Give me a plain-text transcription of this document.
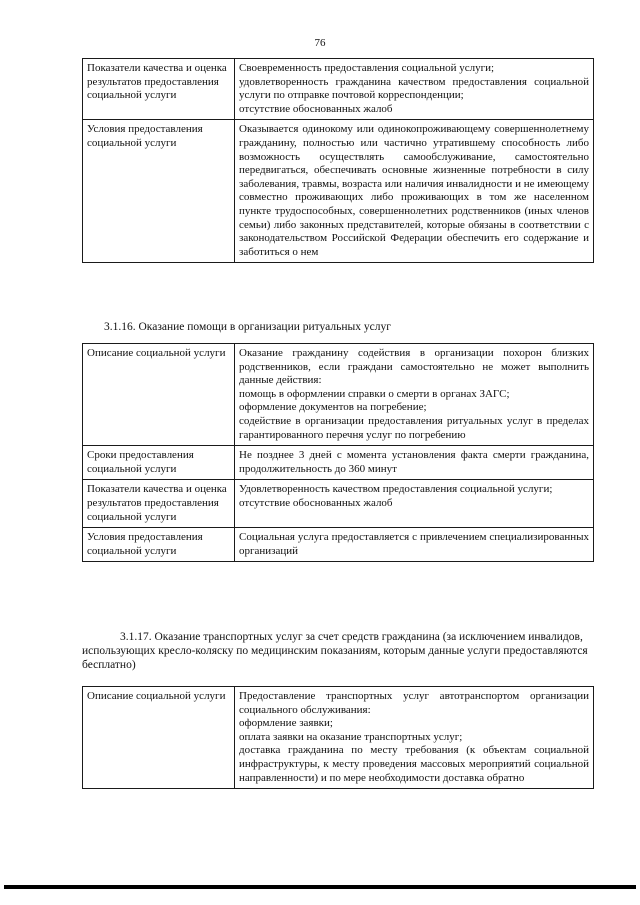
76
Показатели качества и оценка результатов предоставления социальной услуги	Своевременность предоставления социальной услуги;
удовлетворенность гражданина качеством предоставления социальной услуги по отправке почтовой корреспонденции;
отсутствие обоснованных жалоб

Условия предоставления социальной услуги	Оказывается одинокому или одинокопроживающему совершеннолетнему гражданину, полностью или частично утратившему способность либо возможность осуществлять самообслуживание, самостоятельно передвигаться, обеспечивать основные жизненные потребности в силу заболевания, травмы, возраста или наличия инвалидности и не имеющему совместно проживающих либо проживающих в том же населенном пункте трудоспособных, совершеннолетних родственников (иных членов семьи) либо законных представителей, которые обязаны в соответствии с законодательством Российской Федерации обеспечить его содержание и заботиться о нем
3.1.16. Оказание помощи в организации ритуальных услуг
Описание социальной услуги	Оказание гражданину содействия в организации похорон близких родственников, если граждани самостоятельно не может выполнить данные действия:
помощь в оформлении справки о смерти в органах ЗАГС;
оформление документов на погребение;
содействие в организации предоставления ритуальных услуг в пределах гарантированного перечня услуг по погребению

Сроки предоставления социальной услуги	Не позднее 3 дней с момента установления факта смерти гражданина, продолжительность до 360 минут

Показатели качества и оценка результатов предоставления социальной услуги	Удовлетворенность качеством предоставления социальной услуги;
отсутствие обоснованных жалоб

Условия предоставления социальной услуги	Социальная услуга предоставляется с привлечением специализированных организаций
3.1.17. Оказание транспортных услуг за счет средств гражданина (за исключением инвалидов, использующих кресло-коляску по медицинским показаниям, которым данные услуги предоставляются бесплатно)
Описание социальной услуги	Предоставление транспортных услуг автотранспортом организации социального обслуживания:
оформление заявки;
оплата заявки на оказание транспортных услуг;
доставка гражданина по месту требования (к объектам социальной инфраструктуры, к месту проведения массовых мероприятий социальной направленности) и по мере необходимости доставка обратно
